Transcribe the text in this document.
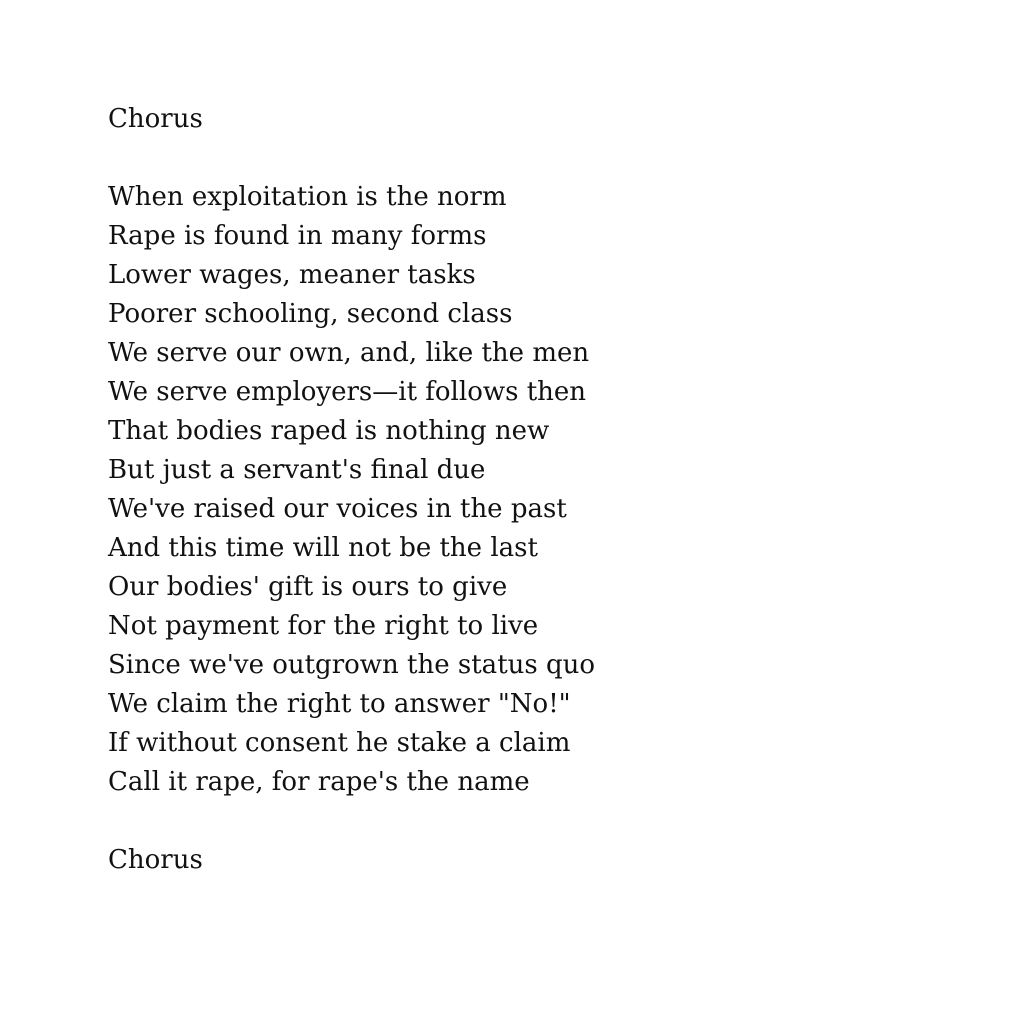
Chorus
When exploitation is the norm
Rape is found in many forms
Lower wages, meaner tasks
Poorer schooling, second class
We serve our own, and, like the men
We serve employers—it follows then
That bodies raped is nothing new
But just a servant's final due
We've raised our voices in the past
And this time will not be the last
Our bodies' gift is ours to give
Not payment for the right to live
Since we've outgrown the status quo
We claim the right to answer "No!"
If without consent he stake a claim
Call it rape, for rape's the name
Chorus
